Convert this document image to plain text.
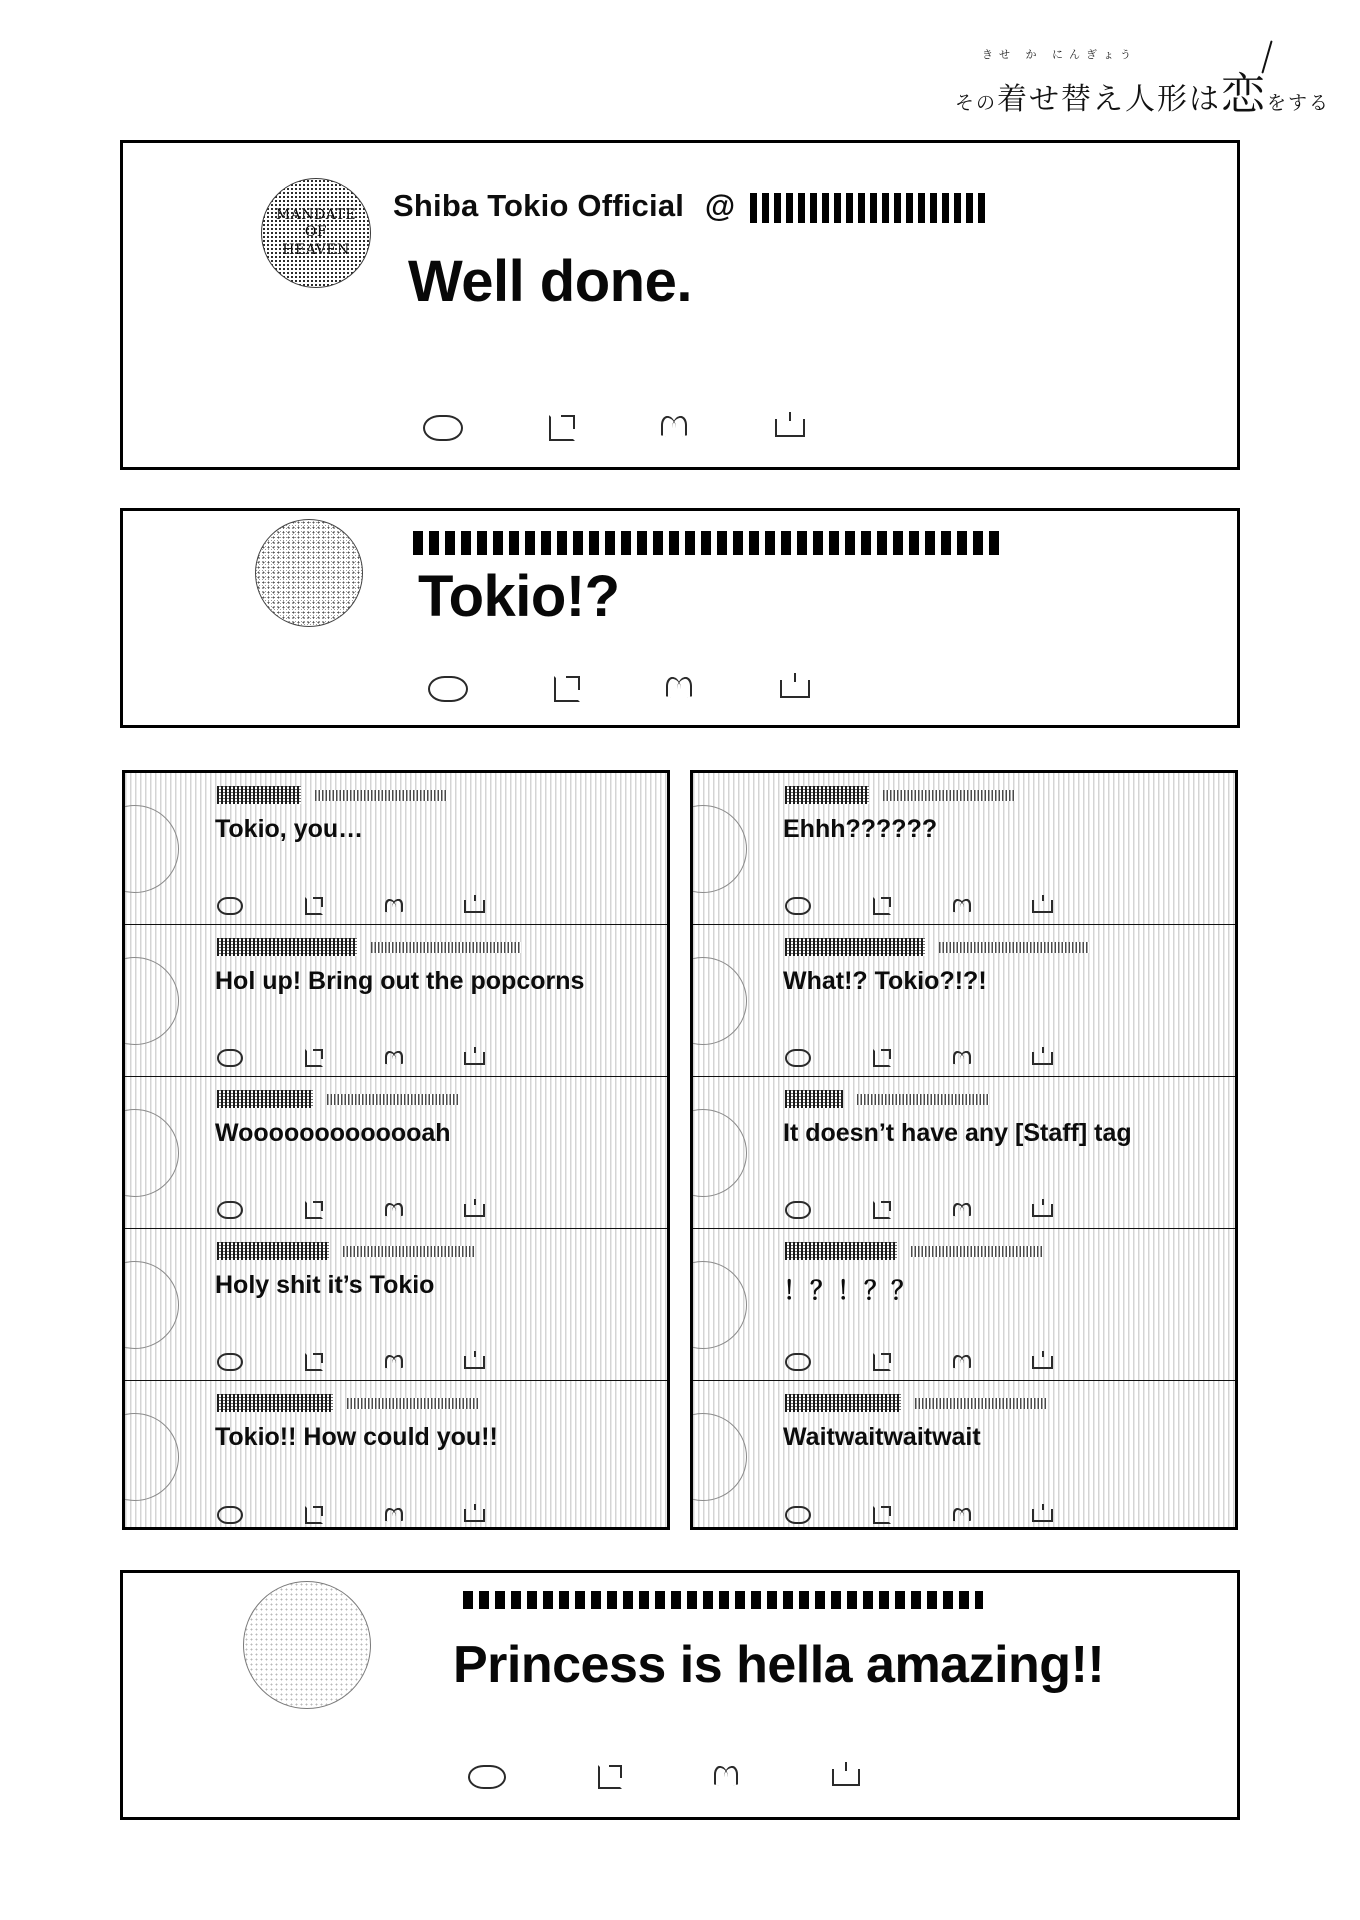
きせ か にんぎょう
その着せ替え人形は恋をする
MANDATE
OF
HEAVEN
Shiba Tokio Official @
Well done.
Tokio!?
Tokio, you…
Hol up! Bring out the popcorns
Wooooooooooooah
Holy shit it’s Tokio
Tokio!! How could you!!
Ehhh??????
What!? Tokio?!?!
It doesn’t have any [Staff] tag
！？！？？
Waitwaitwaitwait
Princess is hella amazing!!
